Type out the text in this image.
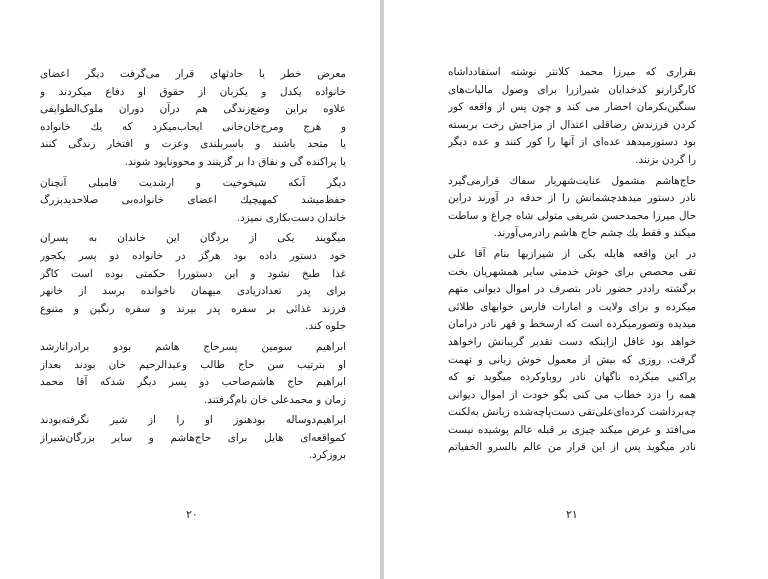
معرض خطر یا حادثهای قرار می‌گرفت دیگر اعضای
خانواده یکدل و یکزبان از حقوق او دفاع میکردند و
علاوه براین وضع‌زندگی هم درآن دوران ملوک‌الطوایفی
و هرج ومرج‌خان‌خانی ایجاب‌میکرد که یك خانواده
یا متحد باشند و باسربلندی وعزت و افتخار زندگی کنند
یا پراکنده گی و نفاق دا بر گزینند و محووناپود شوند.
دیگر آنکه شیخوخیت و ارشدیت فامیلی آنچنان
حفظ‌میشد کمهیچیك اعضای خانواده‌بی صلاحدیدبزرگ
خاندان دست‌بکاری نمیزد.
میگویند یکی از بردگان این خاندان به پسران
خود دستور داده بود هرگز در خانواده دو پسر یکجور
غذا طبخ نشود و این دستوررا حکمتی بوده است کاگر
برای پدر تعدادزیادی میهمان ناخوانده برسد از خانهر
فرزند غذائی بر سفره پدر بیرند و سفره رنگین و متنوع
جلوه کند.
ابراهیم سومین پسرحاج هاشم بودو برادرانارشد
او بترتیب سن حاج طالب وعبدالرحیم خان بودند بعداز
ابراهیم حاج هاشم‌صاحب دو پسر دیگر شدکه آقا محمد
زمان و محمدعلی خان نام‌گرفتند.
ابراهیم‌دوساله بودهنوز او را از شیر نگرفته‌بودند
کمواقعه‌ای هایل برای حاج‌هاشم و سایر بزرگان‌شیراز
بروزکرد.
۲۰
بقراری که میرزا محمد کلانتر نوشته استفادداشاه
کارگزارنو کدخدایان شیرازرا برای وصول مالیات‌های
سنگین‌بکرمان احضار می کند و چون پس از واقعه کور
کردن فرزندش رضاقلی اعتدال از مزاجش رخت بربسته
بود دستورمیدهد عده‌ای از آنها را کور کنند و عده دیگر
را گردن بزنند.
حاج‌هاشم مشمول عنایت‌شهریار سفاك قرارمی‌گیرد
نادر دستور میدهدچشمانش را از حدقه در آورند دراین
حال میرزا محمدحسن شریفی متولی شاه چراغ و ساطت
میکند و فقط یك چشم حاج هاشم رادرمی‌آورند.
در این واقعه هایله یکی از شیرازیها بنام آقا علی
تقی محصص برای خوش خدمتی سایر همشهریان بخت
برگشته راددر حضور نادر بتصرف در اموال دیوانی متهم
میکرده و برای ولایت و امارات فارس خوابهای طلائی
میدیده وتصورمیکرده است که ازسخط و قهر نادر درامان
خواهد بود غافل ازاینکه دست تقدیر گریبانش راخواهد
گرفت. روزی که بیش از معمول خوش زبانی و تهمت
پراکنی میکرده ناگهان نادر روباوکرده میگوید تو که
همه را دزد خطاب می کنی بگو خودت از اموال دیوانی
چه‌برداشت کرده‌ای‌علی‌تقی دست‌پاچه‌شده زبانش به‌لکنت
می‌افتد و عرض میکند چیزی بر قبله عالم پوشیده نیست
نادر میگوید پس از این قرار من عالم بالسرو الخفیاتم
۲۱
